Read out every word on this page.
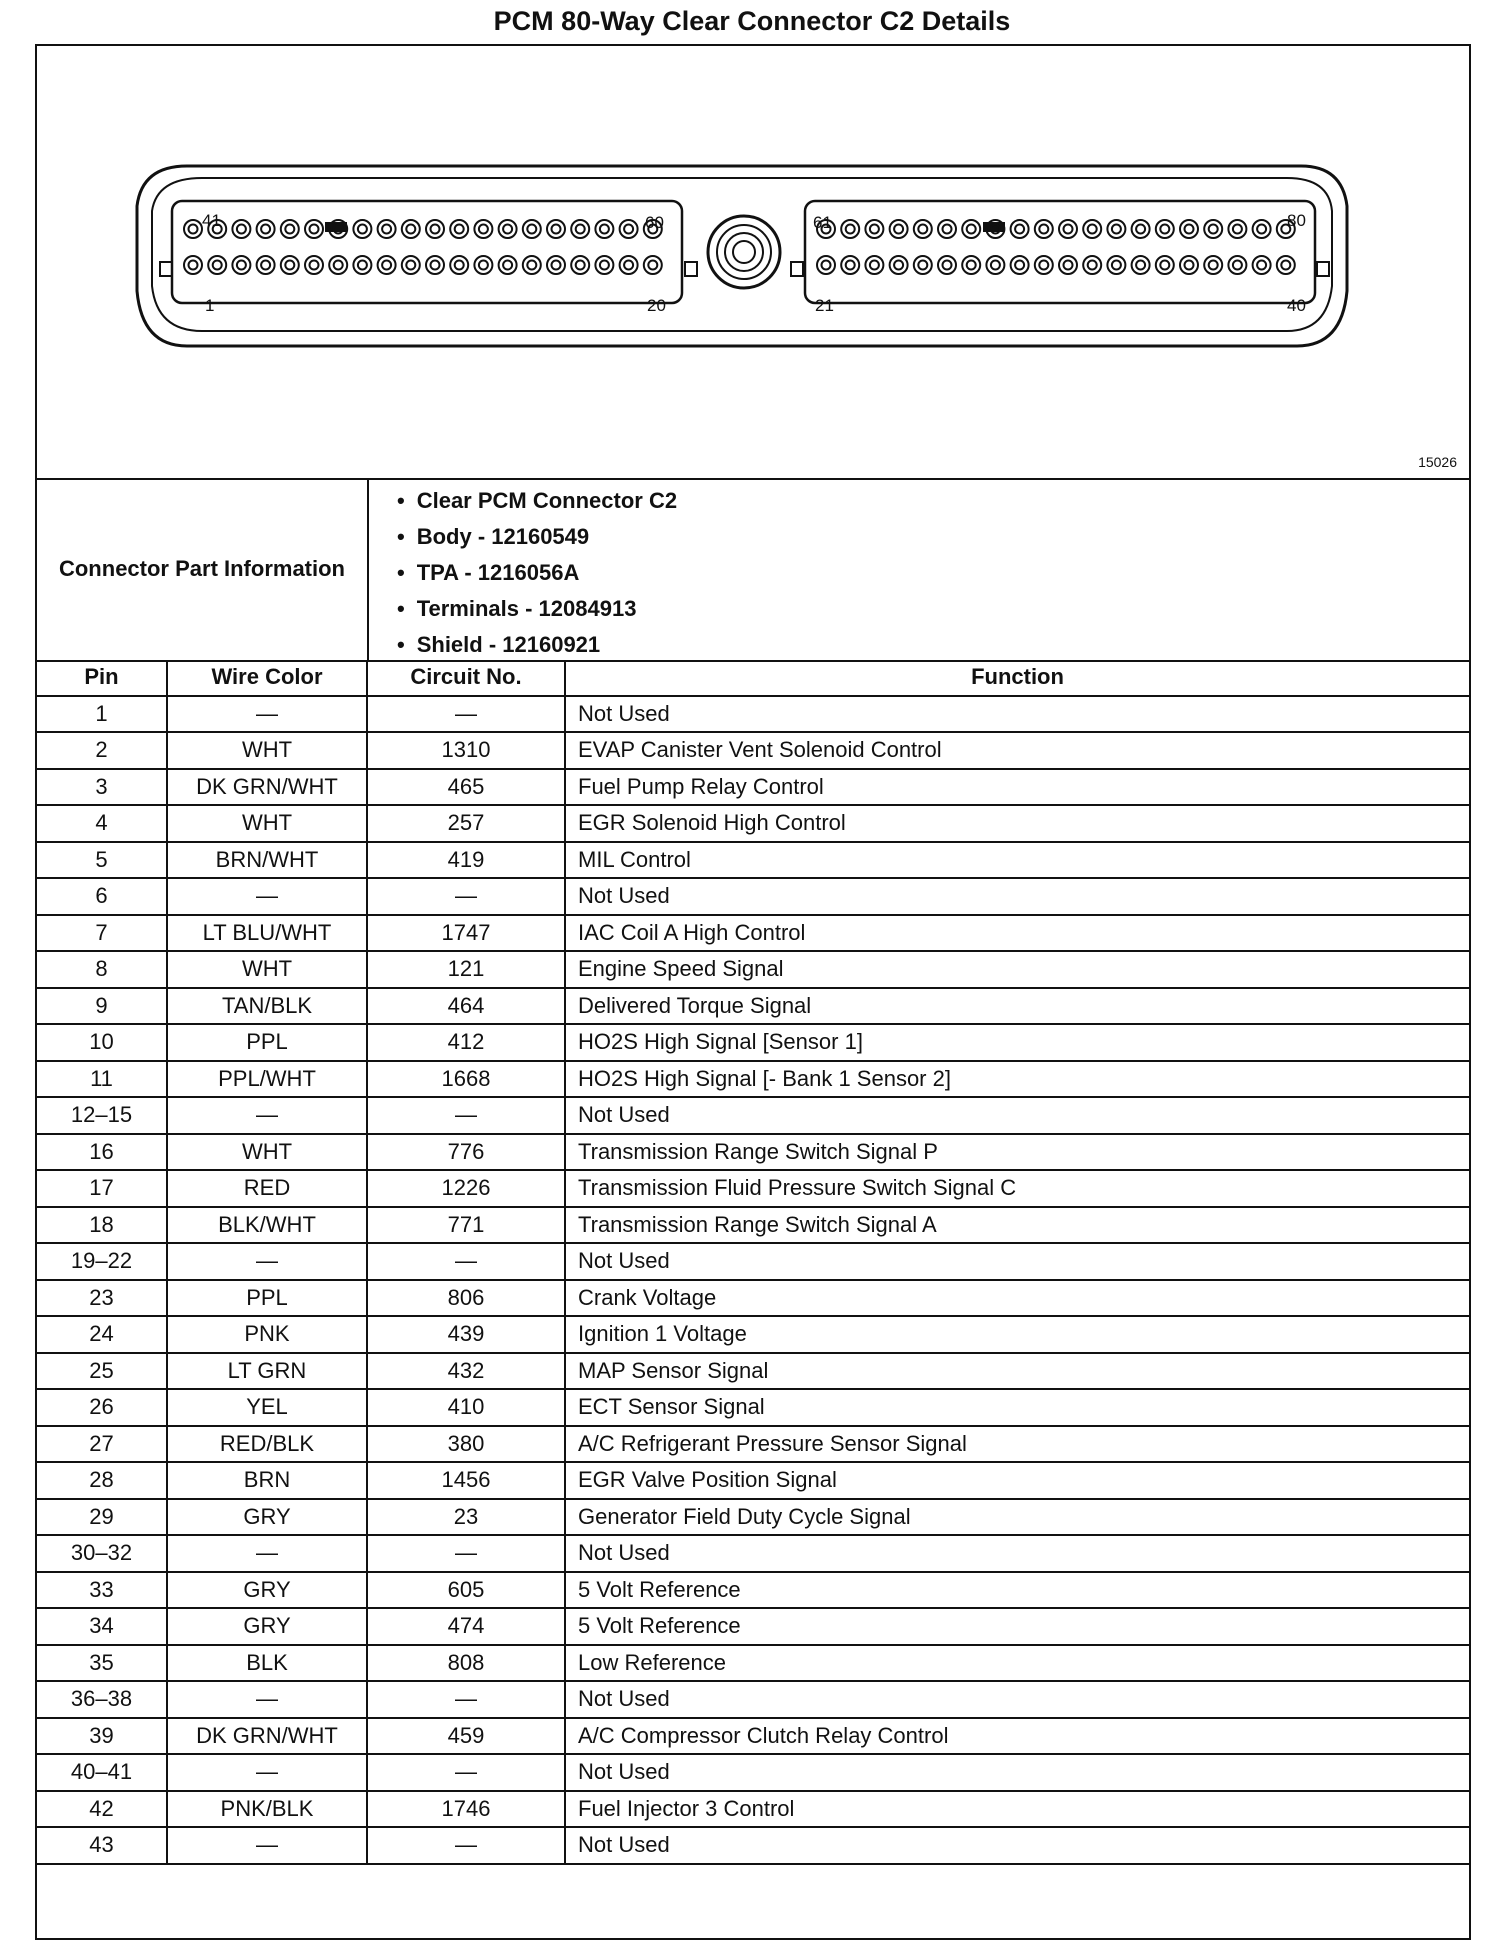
PCM 80-Way Clear Connector C2 Details
41	60
1	20
61	80
21	40
15026
Connector Part Information
• Clear PCM Connector C2
• Body - 12160549
• TPA - 1216056A
• Terminals - 12084913
• Shield - 12160921
Pin	Wire Color	Circuit No.	Function
1	—	—	Not Used
2	WHT	1310	EVAP Canister Vent Solenoid Control
3	DK GRN/WHT	465	Fuel Pump Relay Control
4	WHT	257	EGR Solenoid High Control
5	BRN/WHT	419	MIL Control
6	—	—	Not Used
7	LT BLU/WHT	1747	IAC Coil A High Control
8	WHT	121	Engine Speed Signal
9	TAN/BLK	464	Delivered Torque Signal
10	PPL	412	HO2S High Signal [Sensor 1]
11	PPL/WHT	1668	HO2S High Signal [- Bank 1 Sensor 2]
12–15	—	—	Not Used
16	WHT	776	Transmission Range Switch Signal P
17	RED	1226	Transmission Fluid Pressure Switch Signal C
18	BLK/WHT	771	Transmission Range Switch Signal A
19–22	—	—	Not Used
23	PPL	806	Crank Voltage
24	PNK	439	Ignition 1 Voltage
25	LT GRN	432	MAP Sensor Signal
26	YEL	410	ECT Sensor Signal
27	RED/BLK	380	A/C Refrigerant Pressure Sensor Signal
28	BRN	1456	EGR Valve Position Signal
29	GRY	23	Generator Field Duty Cycle Signal
30–32	—	—	Not Used
33	GRY	605	5 Volt Reference
34	GRY	474	5 Volt Reference
35	BLK	808	Low Reference
36–38	—	—	Not Used
39	DK GRN/WHT	459	A/C Compressor Clutch Relay Control
40–41	—	—	Not Used
42	PNK/BLK	1746	Fuel Injector 3 Control
43	—	—	Not Used
